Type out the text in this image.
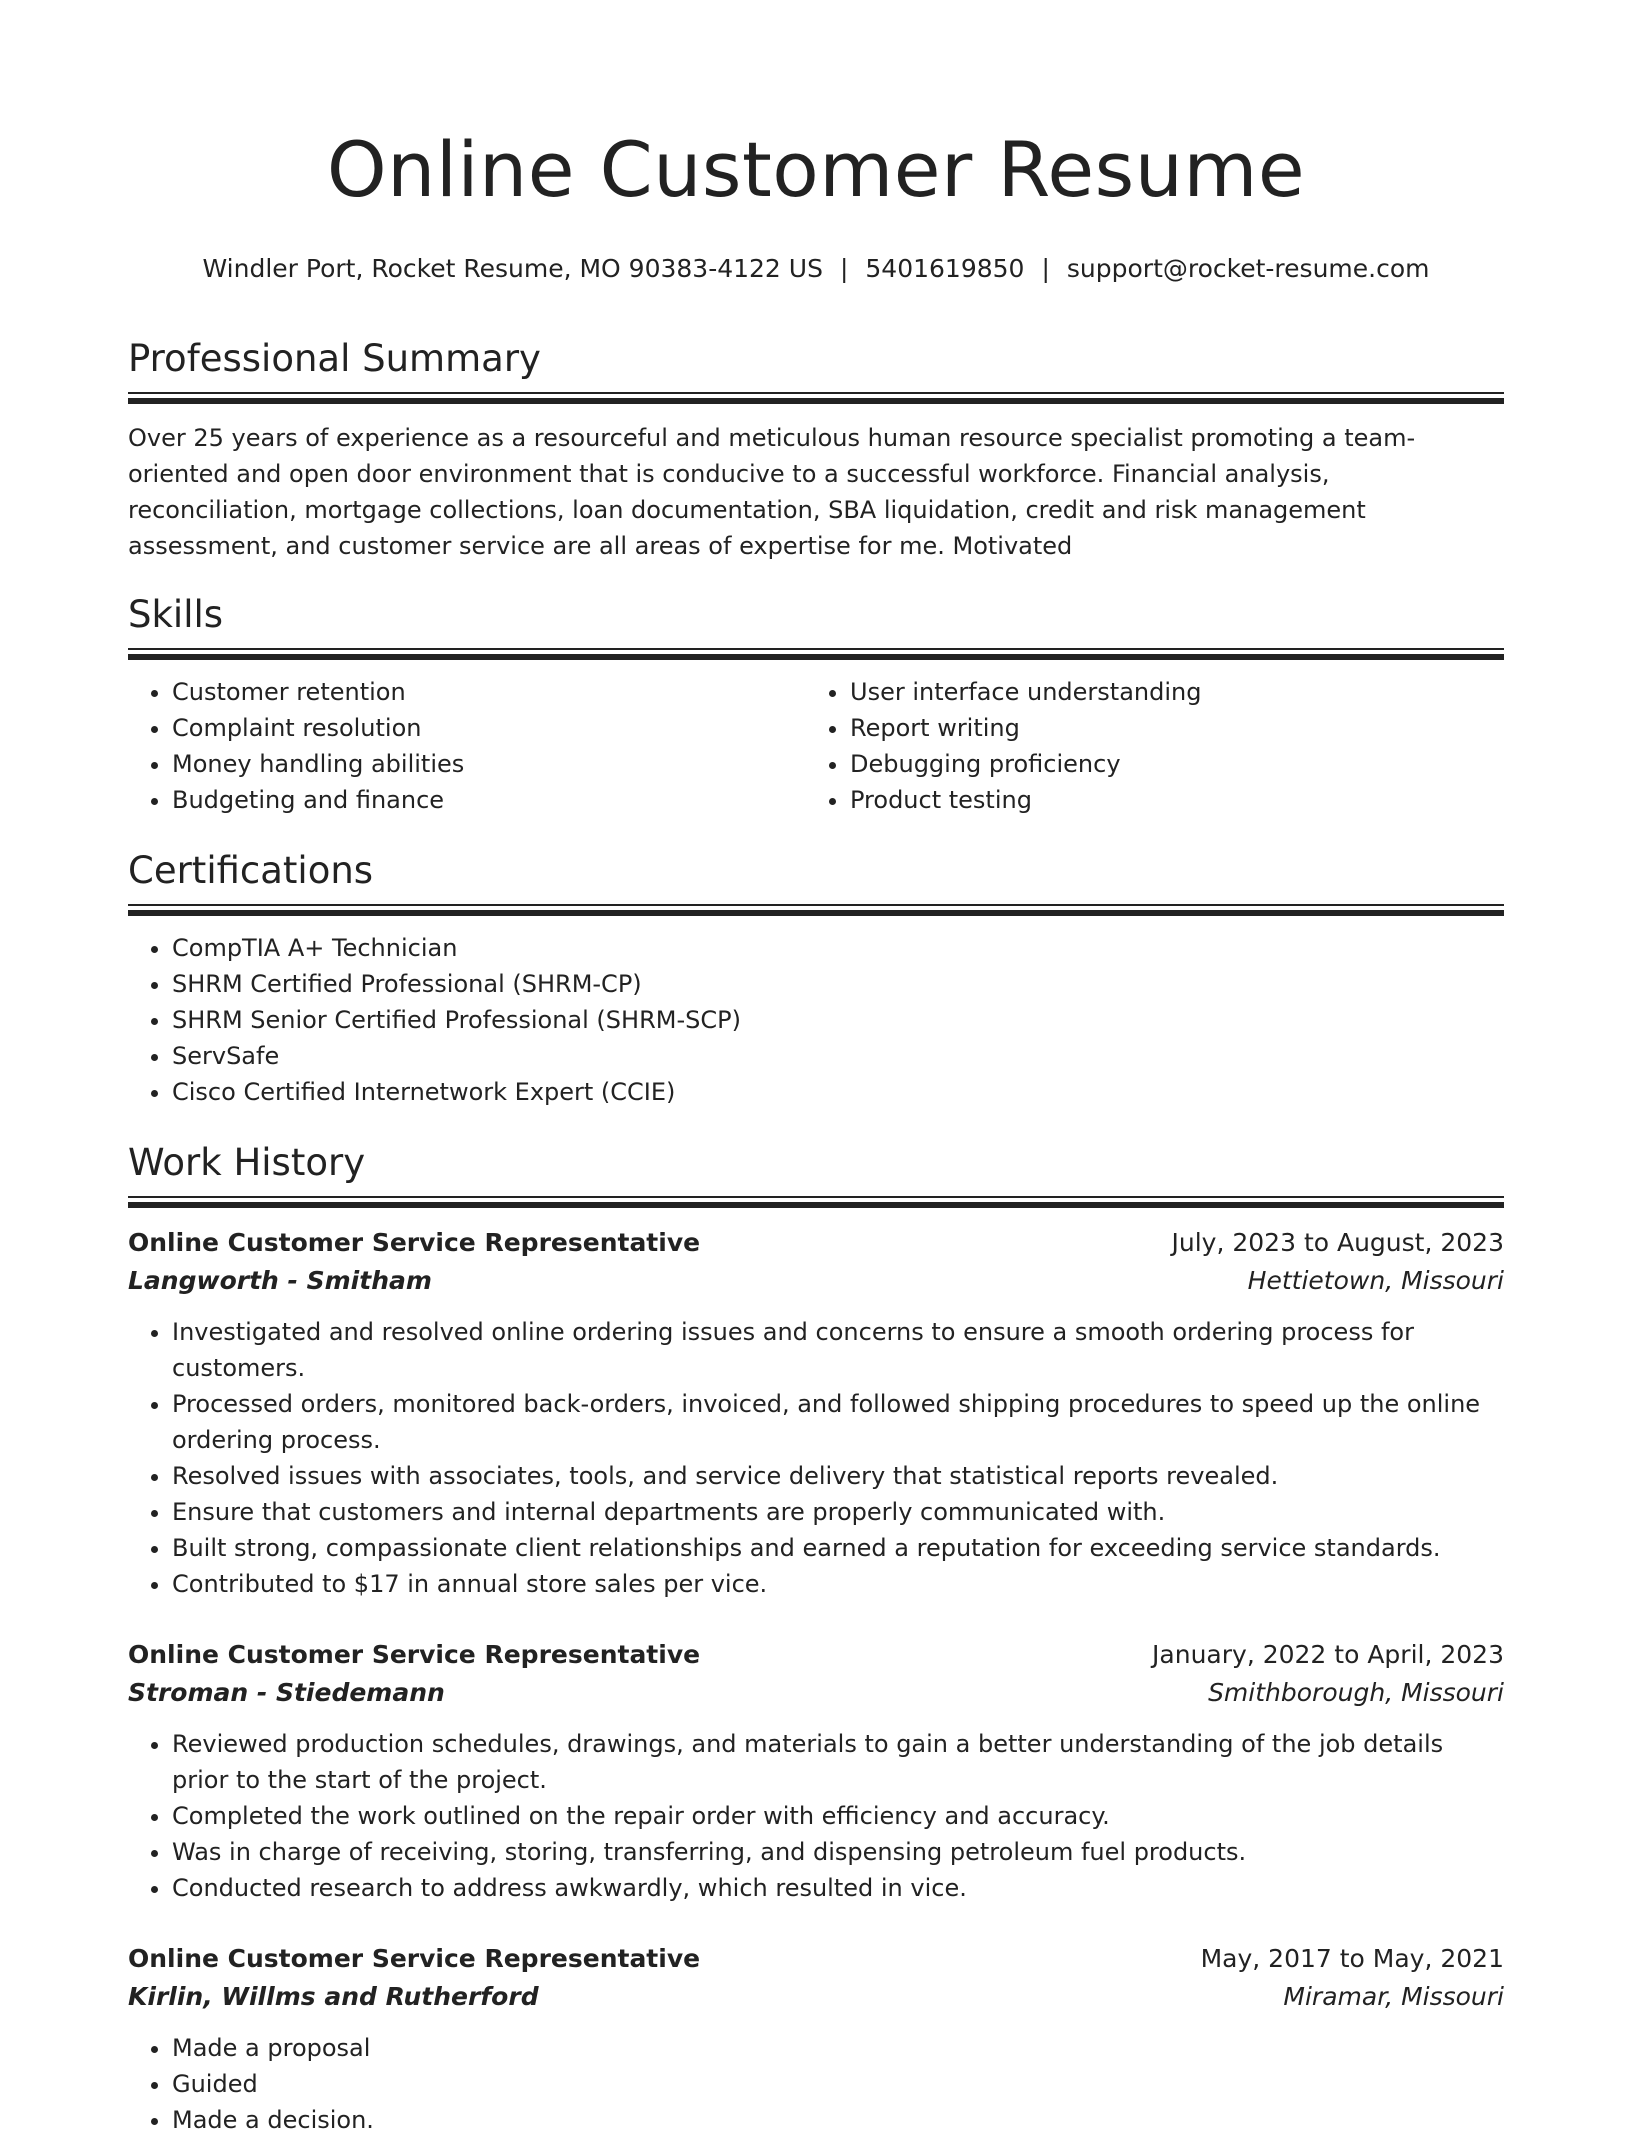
Online Customer Resume
Windler Port, Rocket Resume, MO 90383-4122 US | 5401619850 | support@rocket-resume.com
Professional Summary

Over 25 years of experience as a resourceful and meticulous human resource specialist promoting a team-oriented and open door environment that is conducive to a successful workforce. Financial analysis, reconciliation, mortgage collections, loan documentation, SBA liquidation, credit and risk management assessment, and customer service are all areas of expertise for me. Motivated

Skills
• Customer retention
• Complaint resolution
• Money handling abilities
• Budgeting and finance
• User interface understanding
• Report writing
• Debugging proficiency
• Product testing
Certifications
• CompTIA A+ Technician
• SHRM Certified Professional (SHRM-CP)
• SHRM Senior Certified Professional (SHRM-SCP)
• ServSafe
• Cisco Certified Internetwork Expert (CCIE)
Work History
Online Customer Service Representative	July, 2023 to August, 2023
Langworth - Smitham	Hettietown, Missouri
• Investigated and resolved online ordering issues and concerns to ensure a smooth ordering process for customers.
• Processed orders, monitored back-orders, invoiced, and followed shipping procedures to speed up the online ordering process.
• Resolved issues with associates, tools, and service delivery that statistical reports revealed.
• Ensure that customers and internal departments are properly communicated with.
• Built strong, compassionate client relationships and earned a reputation for exceeding service standards.
• Contributed to $17 in annual store sales per vice.
Online Customer Service Representative	January, 2022 to April, 2023
Stroman - Stiedemann	Smithborough, Missouri
• Reviewed production schedules, drawings, and materials to gain a better understanding of the job details prior to the start of the project.
• Completed the work outlined on the repair order with efficiency and accuracy.
• Was in charge of receiving, storing, transferring, and dispensing petroleum fuel products.
• Conducted research to address awkwardly, which resulted in vice.
Online Customer Service Representative	May, 2017 to May, 2021
Kirlin, Willms and Rutherford	Miramar, Missouri
• Made a proposal
• Guided
• Made a decision.
